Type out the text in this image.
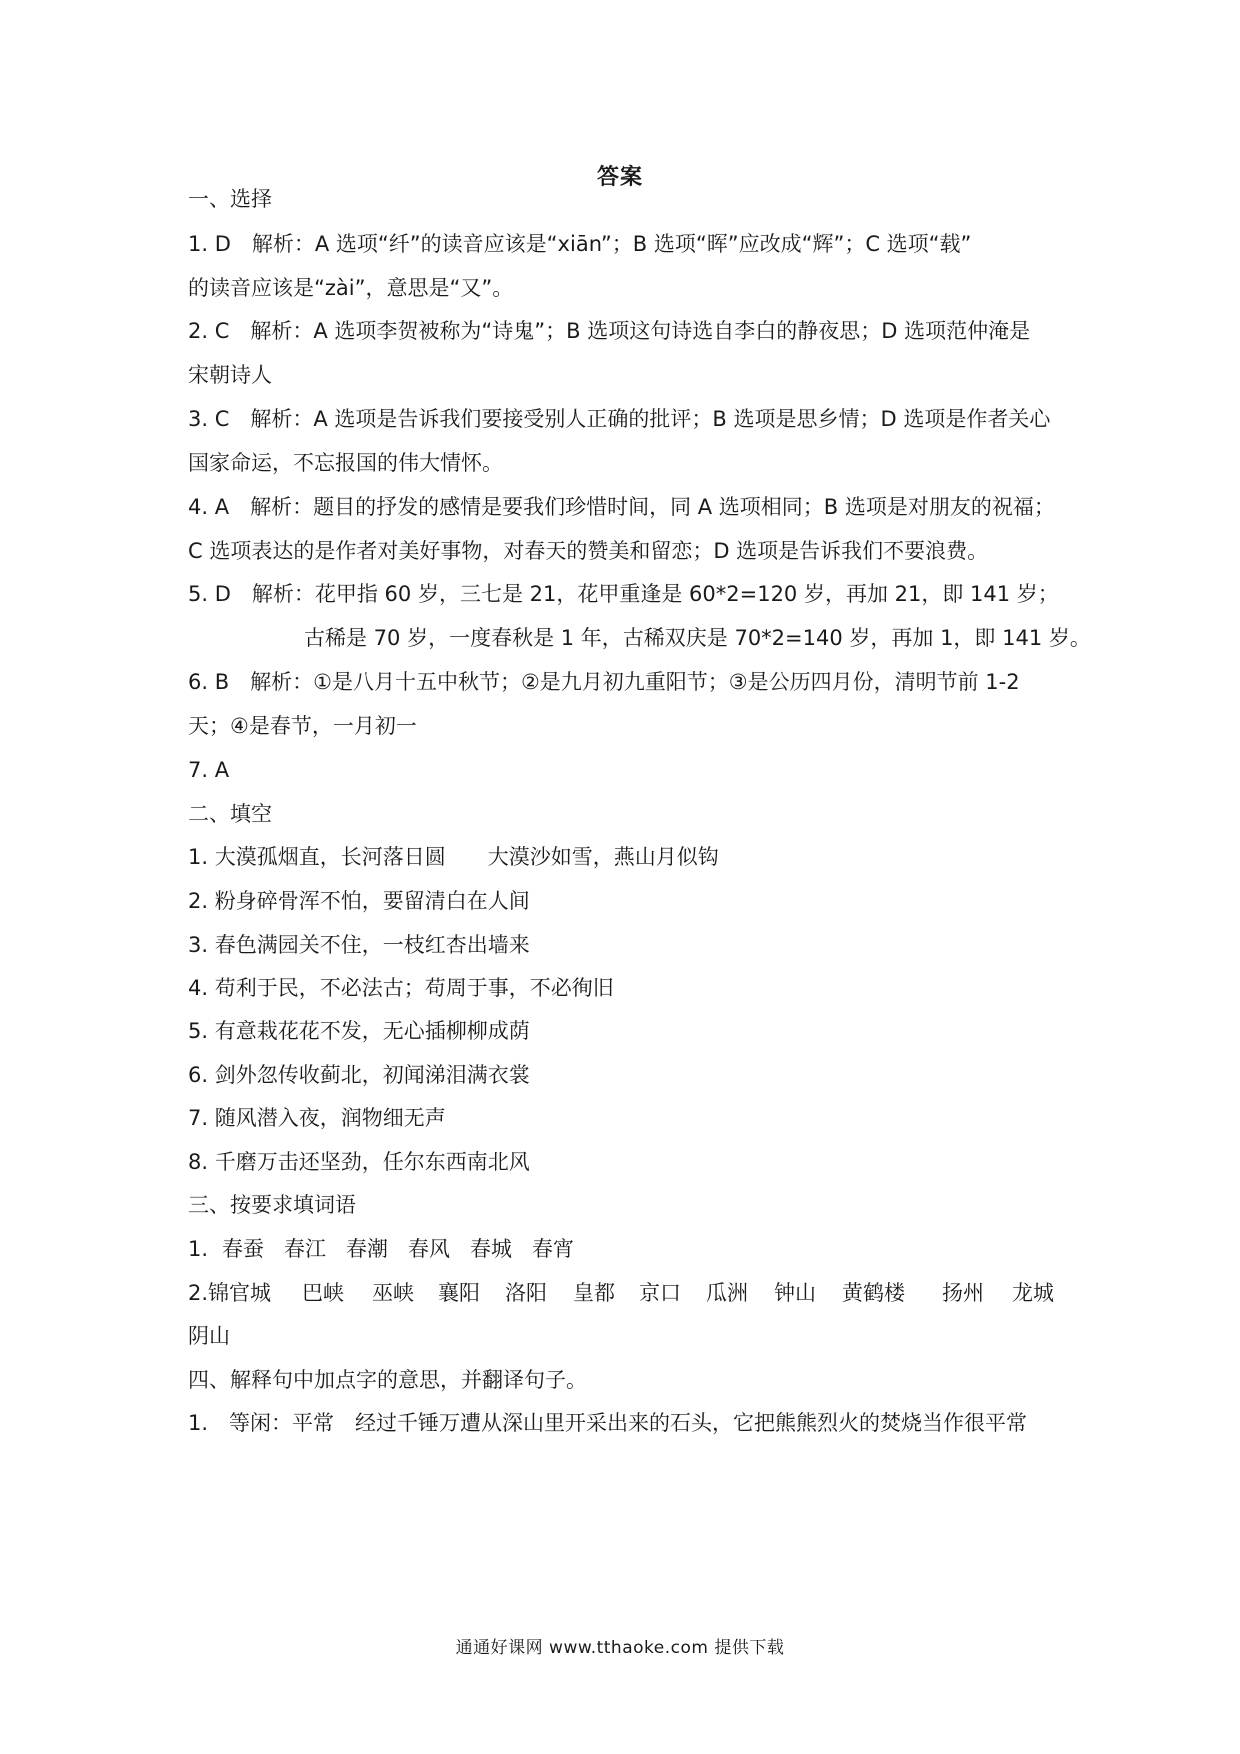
答案
一、选择
1. D　解析：A 选项“纤”的读音应该是“xiān”；B 选项“晖”应改成“辉”；C 选项“载”
的读音应该是“zài”，意思是“又”。
2. C　解析：A 选项李贺被称为“诗鬼”；B 选项这句诗选自李白的静夜思；D 选项范仲淹是
宋朝诗人
3. C　解析：A 选项是告诉我们要接受别人正确的批评；B 选项是思乡情；D 选项是作者关心
国家命运，不忘报国的伟大情怀。
4. A　解析：题目的抒发的感情是要我们珍惜时间，同 A 选项相同；B 选项是对朋友的祝福；
C 选项表达的是作者对美好事物，对春天的赞美和留恋；D 选项是告诉我们不要浪费。
5. D　解析：花甲指 60 岁，三七是 21，花甲重逢是 60*2=120 岁，再加 21，即 141 岁；
古稀是 70 岁，一度春秋是 1 年，古稀双庆是 70*2=140 岁，再加 1，即 141 岁。
6. B　解析：①是八月十五中秋节；②是九月初九重阳节；③是公历四月份，清明节前 1-2
天；④是春节，一月初一
7. A
二、填空
1. 大漠孤烟直，长河落日圆　　大漠沙如雪，燕山月似钩
2. 粉身碎骨浑不怕，要留清白在人间
3. 春色满园关不住，一枝红杏出墙来
4. 苟利于民，不必法古；苟周于事，不必徇旧
5. 有意栽花花不发，无心插柳柳成荫
6. 剑外忽传收蓟北，初闻涕泪满衣裳
7. 随风潜入夜，润物细无声
8. 千磨万击还坚劲，任尔东西南北风
三、按要求填词语
1. 春蚕 春江 春潮 春风 春城 春宵
2. 锦官城 巴峡 巫峡 襄阳 洛阳 皇都 京口 瓜洲 钟山 黄鹤楼 扬州 龙城
阴山
四、解释句中加点字的意思，并翻译句子。
1.　等闲：平常　经过千锤万遭从深山里开采出来的石头，它把熊熊烈火的焚烧当作很平常
通通好课网 www.tthaoke.com 提供下载
